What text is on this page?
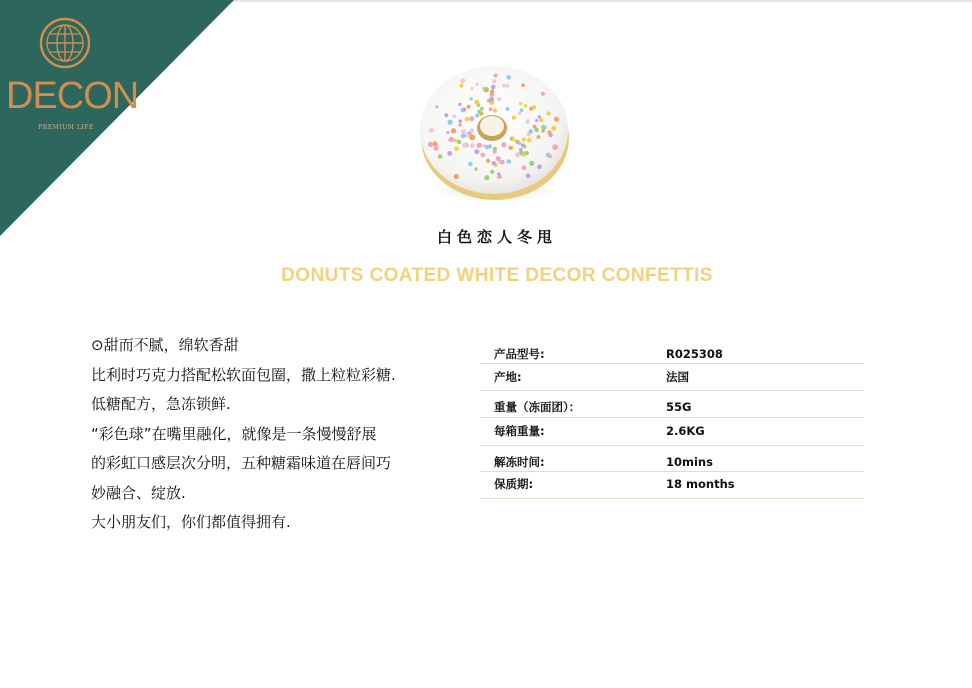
DECON
PREMIUM LIFE
白色恋人冬甩
DONUTS COATED WHITE DECOR CONFETTIS
⊙甜而不腻，绵软香甜
比利时巧克力搭配松软面包圈，撒上粒粒彩糖.
低糖配方，急冻锁鲜.
“彩色球”在嘴里融化，就像是一条慢慢舒展
的彩虹口感层次分明，五种糖霜味道在唇间巧
妙融合、绽放.
大小朋友们，你们都值得拥有.
产品型号:	R025308
产地:	法国
重量（冻面团）：	55G
每箱重量:	2.6KG
解冻时间:	10mins
保质期:	18 months
